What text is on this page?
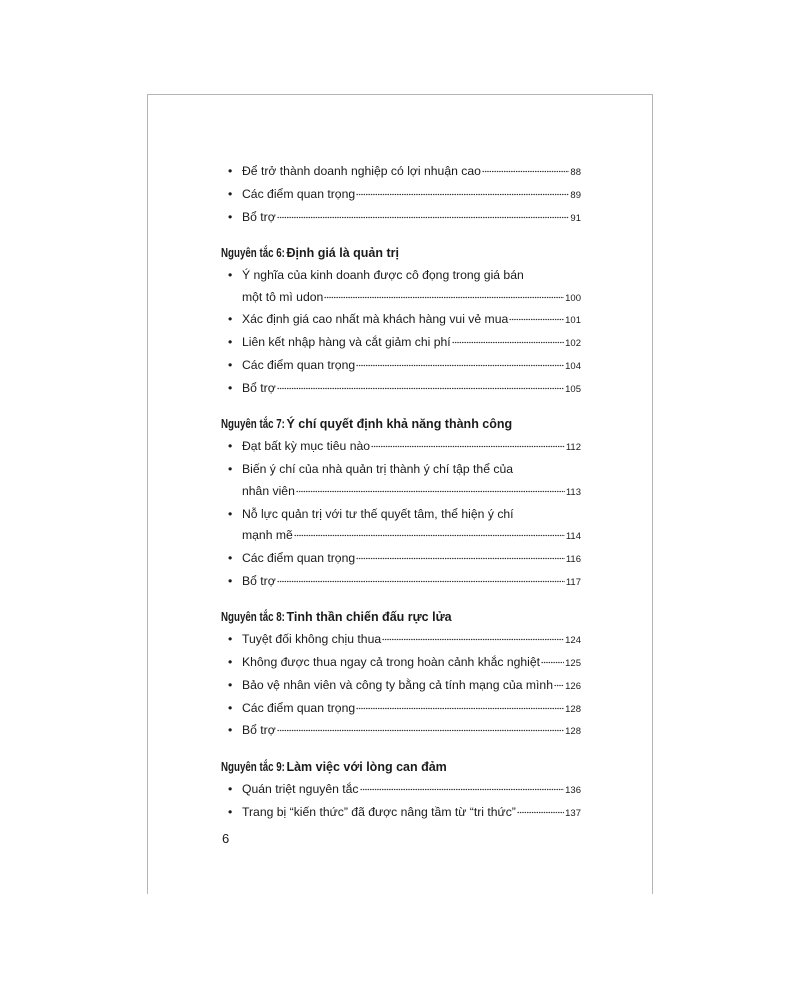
• Để trở thành doanh nghiệp có lợi nhuận cao	88
• Các điểm quan trọng	89
• Bổ trợ	91
Nguyên tắc 6: Định giá là quản trị
• Ý nghĩa của kinh doanh được cô đọng trong giá bán
một tô mì udon	100
• Xác định giá cao nhất mà khách hàng vui vẻ mua	101
• Liên kết nhập hàng và cắt giảm chi phí	102
• Các điểm quan trọng	104
• Bổ trợ	105
Nguyên tắc 7: Ý chí quyết định khả năng thành công
• Đạt bất kỳ mục tiêu nào	112
• Biến ý chí của nhà quản trị thành ý chí tập thể của
nhân viên	113
• Nỗ lực quản trị với tư thế quyết tâm, thể hiện ý chí
mạnh mẽ	114
• Các điểm quan trọng	116
• Bổ trợ	117
Nguyên tắc 8: Tinh thần chiến đấu rực lửa
• Tuyệt đối không chịu thua	124
• Không được thua ngay cả trong hoàn cảnh khắc nghiệt	125
• Bảo vệ nhân viên và công ty bằng cả tính mạng của mình 126
• Các điểm quan trọng	128
• Bổ trợ	128
Nguyên tắc 9: Làm việc với lòng can đảm
• Quán triệt nguyên tắc	136
• Trang bị “kiến thức” đã được nâng tầm từ “tri thức”	137
6
